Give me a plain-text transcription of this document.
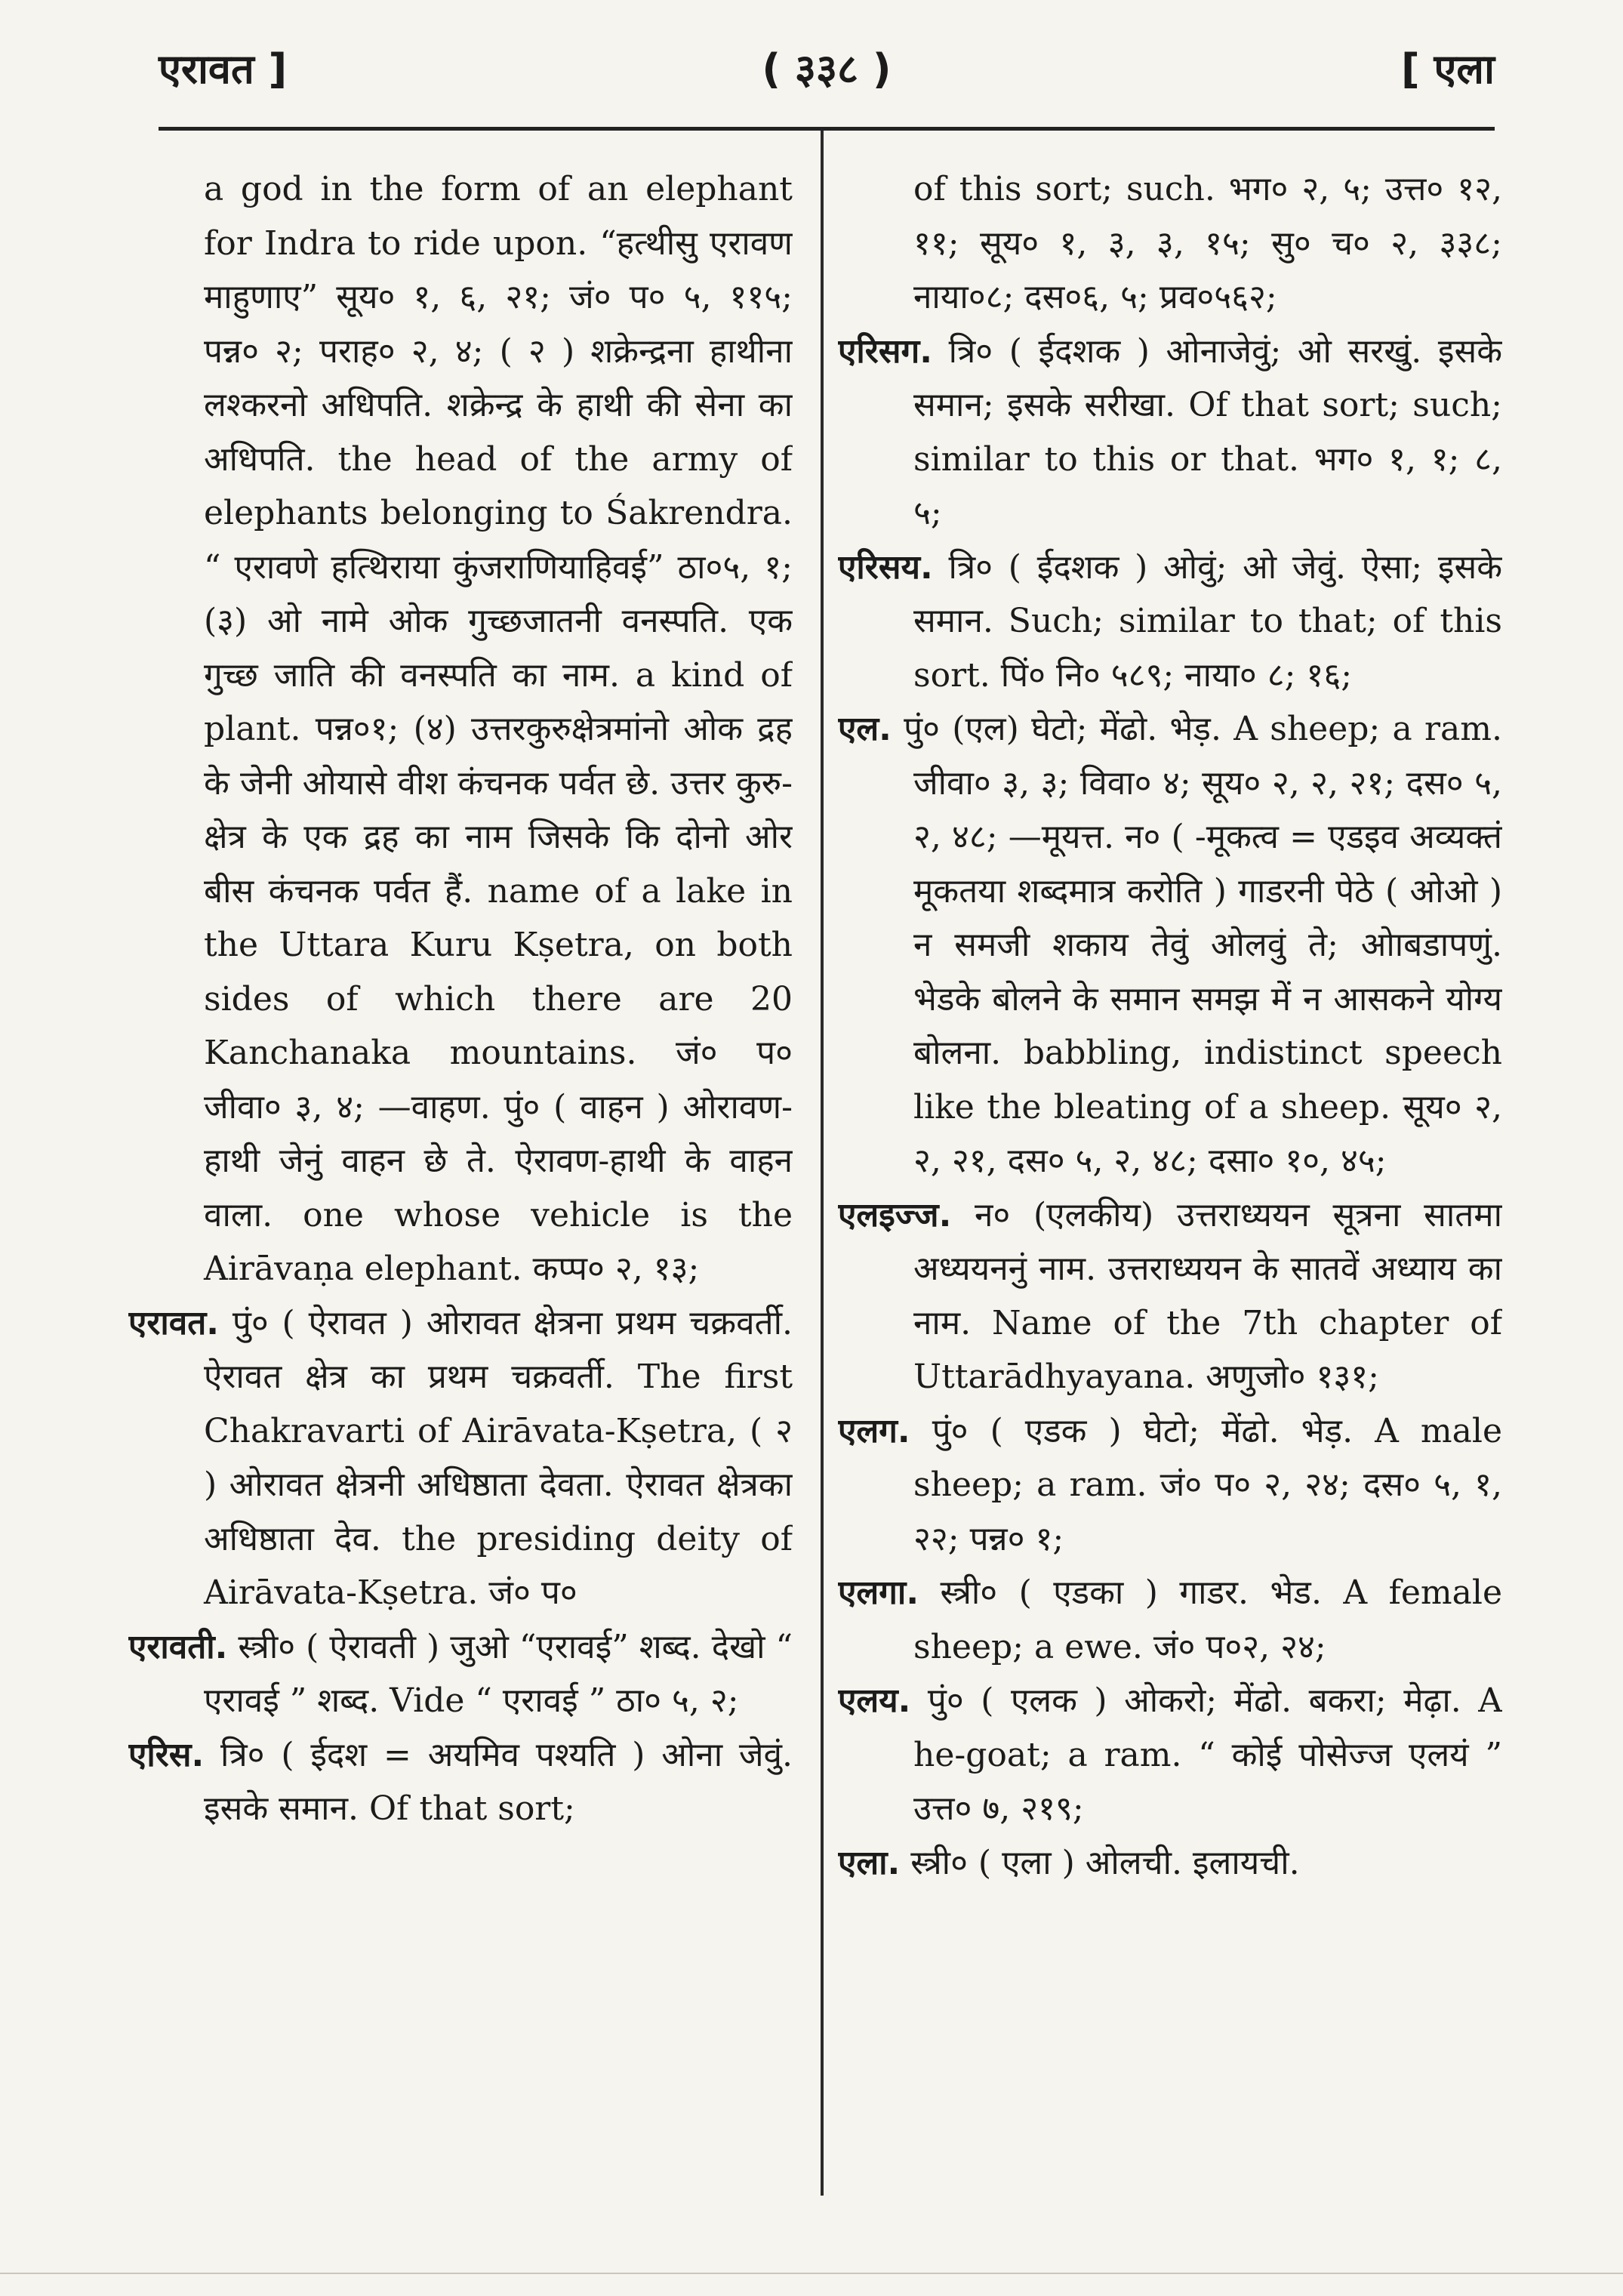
एरावत ]	( ३३८ )	[ एला

a god in the form of an elephant for Indra to ride upon. “हत्थीसु एरावण माहुणाए” सूय० १, ६, २१; जं० प० ५, ११५; पन्न० २; पराह० २, ४; ( २ ) शक्रेन्द्रना हाथीना लश्करनो अधिपति. शक्रेन्द्र के हाथी की सेना का अधिपति. the head of the army of elephants belonging to Śakrendra. “ एरावणे हत्थिराया कुंजराणियाहिवई” ठा०५, १; (३) ओ नामे ओक गुच्छजातनी वनस्पति. एक गुच्छ जाति की वनस्पति का नाम. a kind of plant. पन्न०१; (४) उत्तरकुरुक्षेत्रमांनो ओक द्रह के जेनी ओयासे वीश कंचनक पर्वत छे. उत्तर कुरु-क्षेत्र के एक द्रह का नाम जिसके कि दोनो ओर बीस कंचनक पर्वत हैं. name of a lake in the Uttara Kuru Kṣetra, on both sides of which there are 20 Kanchanaka mountains. जं० प० जीवा० ३, ४; —वाहण. पुं० ( वाहन ) ओरावण-हाथी जेनुं वाहन छे ते. ऐरावण-हाथी के वाहन वाला. one whose vehicle is the Airāvaṇa elephant. कप्प० २, १३;

एरावत. पुं० ( ऐरावत ) ओरावत क्षेत्रना प्रथम चक्रवर्ती. ऐरावत क्षेत्र का प्रथम चक्रवर्ती. The first Chakravarti of Airāvata-Kṣetra, ( २ ) ओरावत क्षेत्रनी अधिष्ठाता देवता. ऐरावत क्षेत्रका अधिष्ठाता देव. the presiding deity of Airāvata-Kṣetra. जं० प०

एरावती. स्त्री० ( ऐरावती ) जुओ “एरावई” शब्द. देखो “ एरावई ” शब्द. Vide “ एरावई ” ठा० ५, २;

एरिस. त्रि० ( ईदश = अयमिव पश्यति ) ओना जेवुं. इसके समान. Of that sort;

of this sort; such. भग० २, ५; उत्त० १२, ११; सूय० १, ३, ३, १५; सु० च० २, ३३८; नाया०८; दस०६, ५; प्रव०५६२;

एरिसग. त्रि० ( ईदशक ) ओनाजेवुं; ओ सरखुं. इसके समान; इसके सरीखा. Of that sort; such; similar to this or that. भग० १, १; ८, ५;

एरिसय. त्रि० ( ईदशक ) ओवुं; ओ जेवुं. ऐसा; इसके समान. Such; similar to that; of this sort. पिं० नि० ५८९; नाया० ८; १६;

एल. पुं० (एल) घेटो; मेंढो. भेड़. A sheep; a ram. जीवा० ३, ३; विवा० ४; सूय० २, २, २१; दस० ५, २, ४८; —मूयत्त. न० ( -मूकत्व = एडइव अव्यक्तं मूकतया शब्दमात्र करोति ) गाडरनी पेठे ( ओओ ) न समजी शकाय तेवुं ओलवुं ते; ओाबडापणुं. भेडके बोलने के समान समझ में न आसकने योग्य बोलना. babbling, indistinct speech like the bleating of a sheep. सूय० २, २, २१, दस० ५, २, ४८; दसा० १०, ४५;

एलइज्ज. न० (एलकीय) उत्तराध्ययन सूत्रना सातमा अध्ययननुं नाम. उत्तराध्ययन के सातवें अध्याय का नाम. Name of the 7th chapter of Uttarādhyayana. अणुजो० १३१;

एलग. पुं० ( एडक ) घेटो; मेंढो. भेड़. A male sheep; a ram. जं० प० २, २४; दस० ५, १, २२; पन्न० १;

एलगा. स्त्री० ( एडका ) गाडर. भेड. A female sheep; a ewe. जं० प०२, २४;

एलय. पुं० ( एलक ) ओकरो; मेंढो. बकरा; मेढ़ा. A he-goat; a ram. “ कोई पोसेज्ज एलयं ” उत्त० ७, २१९;

एला. स्त्री० ( एला ) ओलची. इलायची.
